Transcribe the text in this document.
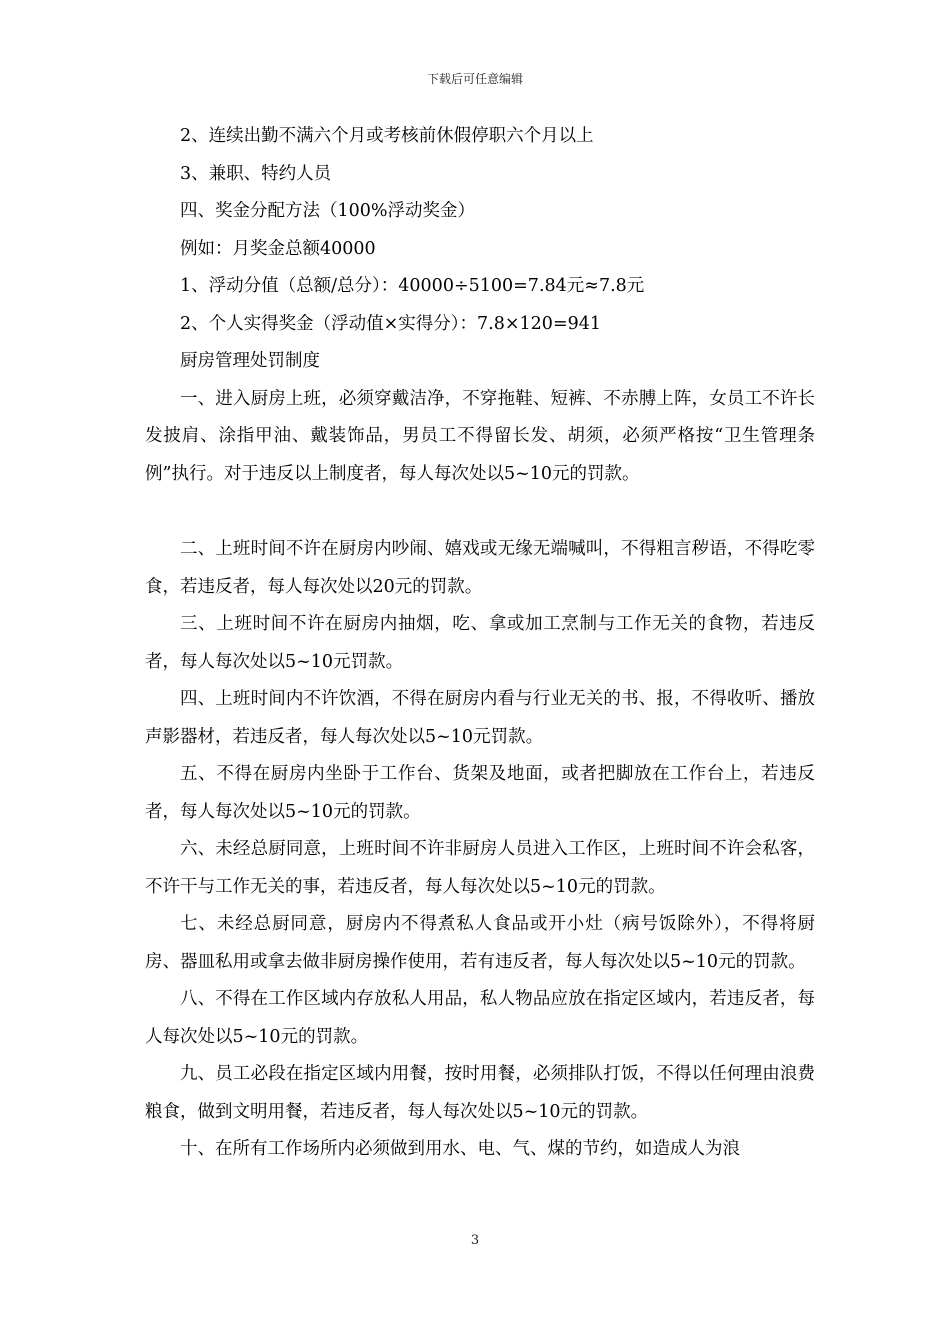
下载后可任意编辑

2、连续出勤不满六个月或考核前休假停职六个月以上

3、兼职、特约人员

四、奖金分配方法（100%浮动奖金）

例如：月奖金总额40000

1、浮动分值（总额/总分）：40000÷5100=7.84元≈7.8元

2、个人实得奖金（浮动值×实得分）：7.8×120=941

厨房管理处罚制度

一、进入厨房上班，必须穿戴洁净，不穿拖鞋、短裤、不赤膊上阵，女员工不许长发披肩、涂指甲油、戴装饰品，男员工不得留长发、胡须，必须严格按“卫生管理条例”执行。对于违反以上制度者，每人每次处以5~10元的罚款。

二、上班时间不许在厨房内吵闹、嬉戏或无缘无端喊叫，不得粗言秽语，不得吃零食，若违反者，每人每次处以20元的罚款。

三、上班时间不许在厨房内抽烟，吃、拿或加工烹制与工作无关的食物，若违反者，每人每次处以5~10元罚款。

四、上班时间内不许饮酒，不得在厨房内看与行业无关的书、报，不得收听、播放声影器材，若违反者，每人每次处以5~10元罚款。

五、不得在厨房内坐卧于工作台、货架及地面，或者把脚放在工作台上，若违反者，每人每次处以5~10元的罚款。

六、未经总厨同意，上班时间不许非厨房人员进入工作区，上班时间不许会私客，不许干与工作无关的事，若违反者，每人每次处以5~10元的罚款。

七、未经总厨同意，厨房内不得煮私人食品或开小灶（病号饭除外），不得将厨房、器皿私用或拿去做非厨房操作使用，若有违反者，每人每次处以5~10元的罚款。

八、不得在工作区域内存放私人用品，私人物品应放在指定区域内，若违反者，每人每次处以5~10元的罚款。

九、员工必段在指定区域内用餐，按时用餐，必须排队打饭，不得以任何理由浪费粮食，做到文明用餐，若违反者，每人每次处以5~10元的罚款。

十、在所有工作场所内必须做到用水、电、气、煤的节约，如造成人为浪

3
